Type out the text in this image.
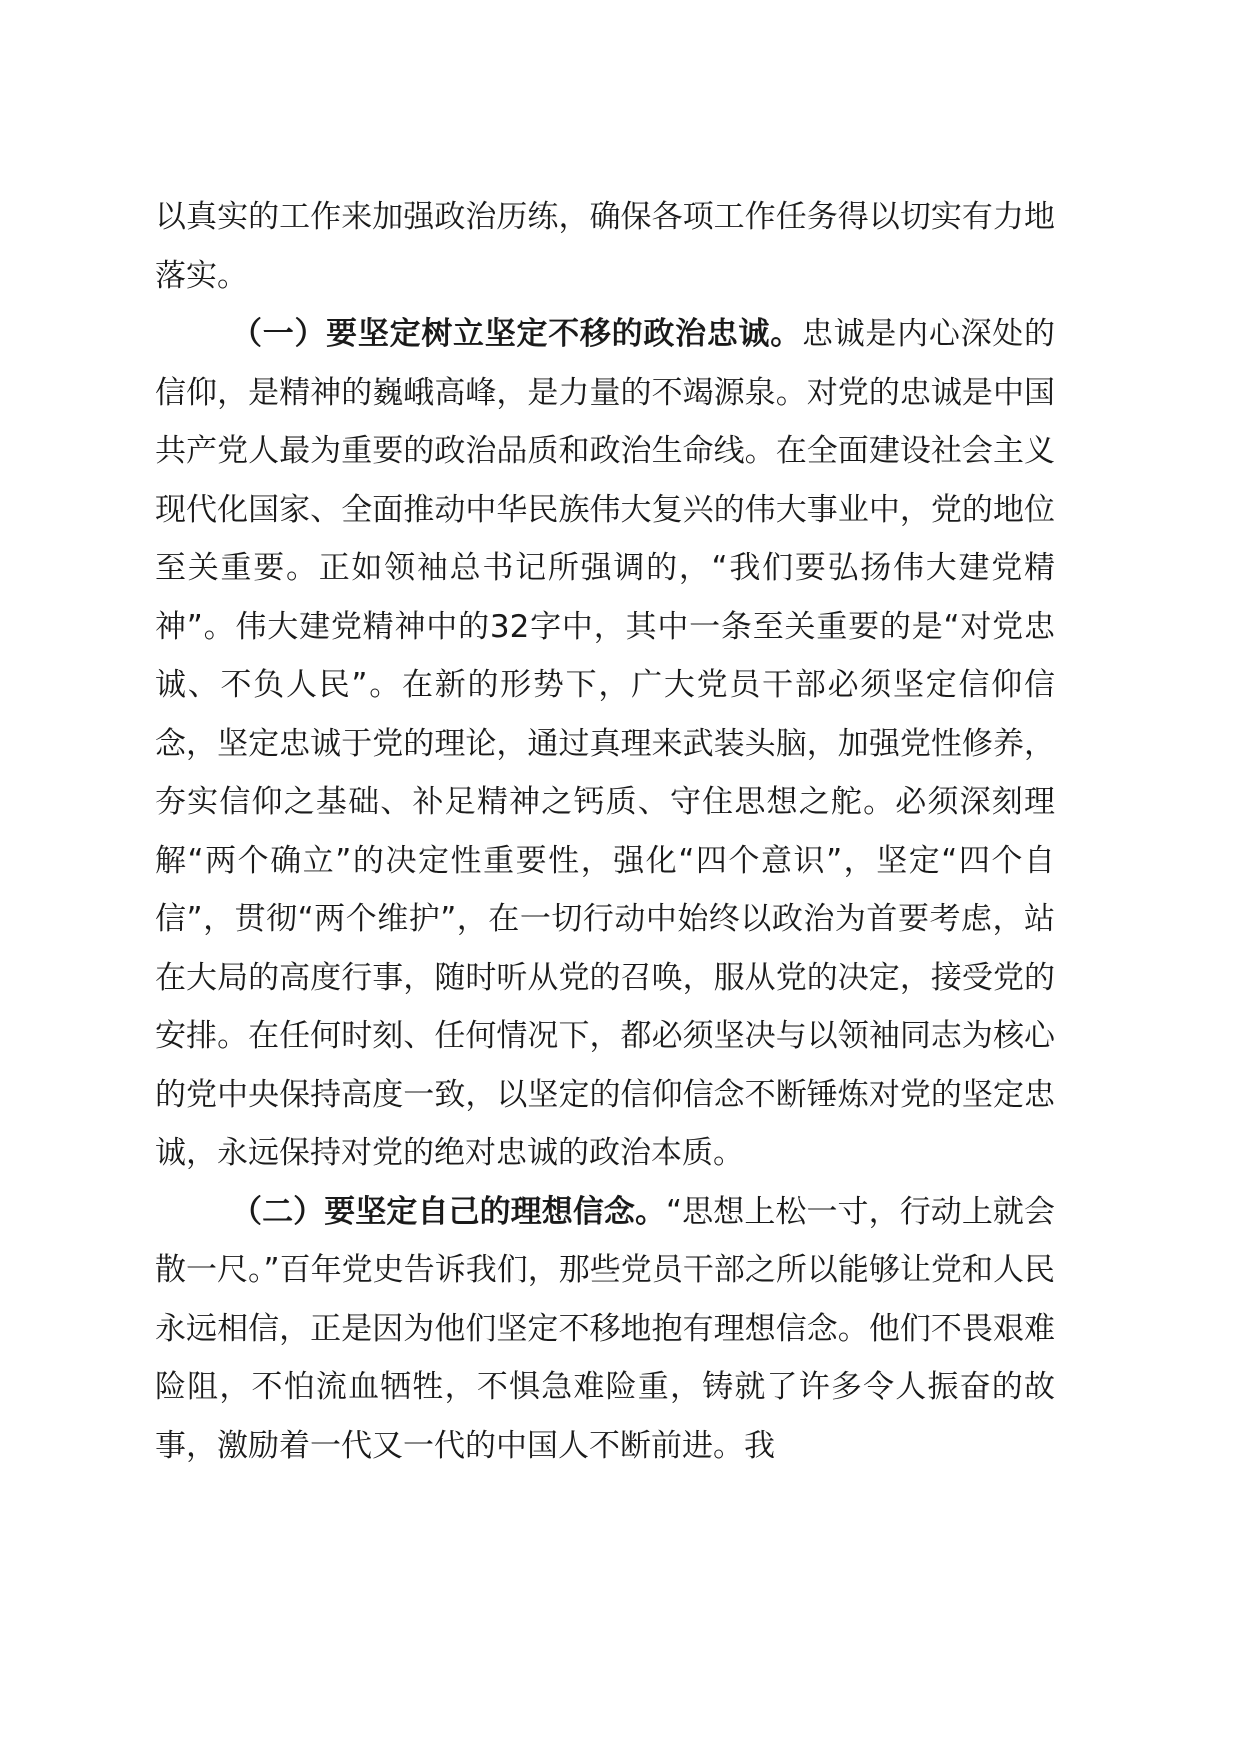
以真实的工作来加强政治历练，确保各项工作任务得以切实有力地落实。

（一）要坚定树立坚定不移的政治忠诚。忠诚是内心深处的信仰，是精神的巍峨高峰，是力量的不竭源泉。对党的忠诚是中国共产党人最为重要的政治品质和政治生命线。在全面建设社会主义现代化国家、全面推动中华民族伟大复兴的伟大事业中，党的地位至关重要。正如领袖总书记所强调的，“我们要弘扬伟大建党精神”。伟大建党精神中的32字中，其中一条至关重要的是“对党忠诚、不负人民”。在新的形势下，广大党员干部必须坚定信仰信念，坚定忠诚于党的理论，通过真理来武装头脑，加强党性修养，夯实信仰之基础、补足精神之钙质、守住思想之舵。必须深刻理解“两个确立”的决定性重要性，强化“四个意识”，坚定“四个自信”，贯彻“两个维护”，在一切行动中始终以政治为首要考虑，站在大局的高度行事，随时听从党的召唤，服从党的决定，接受党的安排。在任何时刻、任何情况下，都必须坚决与以领袖同志为核心的党中央保持高度一致，以坚定的信仰信念不断锤炼对党的坚定忠诚，永远保持对党的绝对忠诚的政治本质。

（二）要坚定自己的理想信念。“思想上松一寸，行动上就会散一尺。”百年党史告诉我们，那些党员干部之所以能够让党和人民永远相信，正是因为他们坚定不移地抱有理想信念。他们不畏艰难险阻，不怕流血牺牲，不惧急难险重，铸就了许多令人振奋的故事，激励着一代又一代的中国人不断前进。我
